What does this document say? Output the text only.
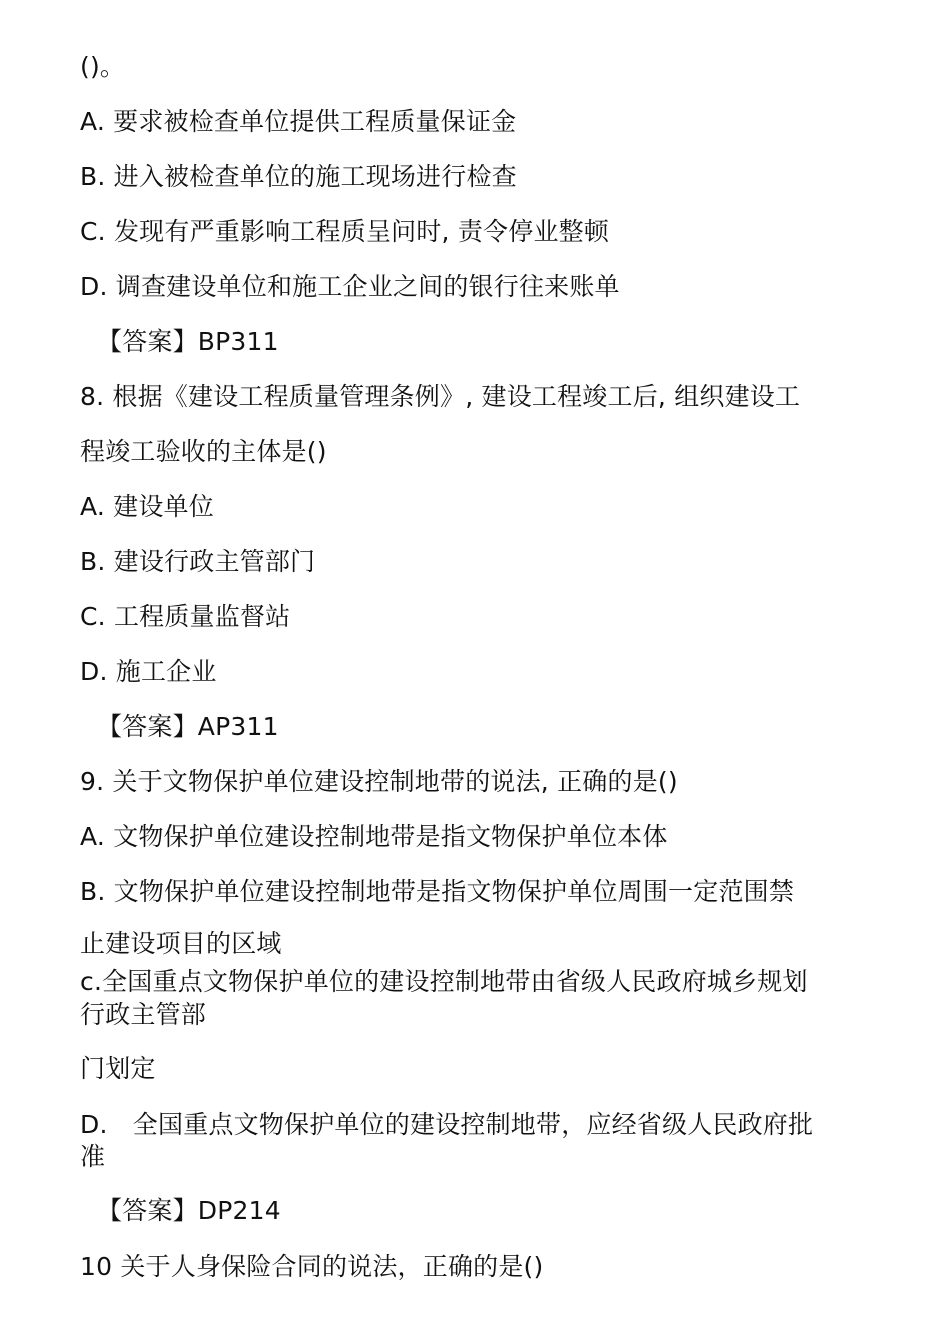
()。
A. 要求被检查单位提供工程质量保证金
B. 进入被检查单位的施工现场进行检查
C. 发现有严重影响工程质呈问时, 责令停业整顿
D. 调查建设单位和施工企业之间的银行往来账单
【答案】BP311
8. 根据《建设工程质量管理条例》, 建设工程竣工后, 组织建设工
程竣工验收的主体是()
A. 建设单位
B. 建设行政主管部门
C. 工程质量监督站
D. 施工企业
【答案】AP311
9. 关于文物保护单位建设控制地带的说法, 正确的是()
A. 文物保护单位建设控制地带是指文物保护单位本体
B. 文物保护单位建设控制地带是指文物保护单位周围一定范围禁
止建设项目的区域
c.全国重点文物保护单位的建设控制地带由省级人民政府城乡规划
行政主管部
门划定
D.　全国重点文物保护单位的建设控制地带，应经省级人民政府批
准
【答案】DP214
10 关于人身保险合同的说法，正确的是()
